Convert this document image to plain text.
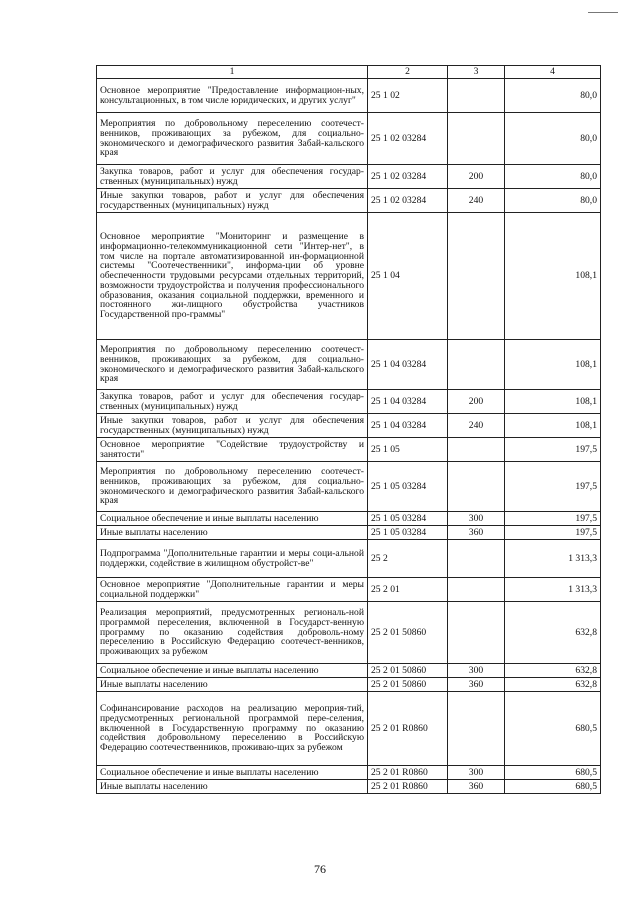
1	2	3	4
Основное мероприятие "Предоставление информацион-ных, консультационных, в том числе юридических, и других услуг"	25 1 02		80,0
Мероприятия по добровольному переселению соотечест-венников, проживающих за рубежом, для социально-экономического и демографического развития Забай-кальского края	25 1 02 03284		80,0
Закупка товаров, работ и услуг для обеспечения государ-ственных (муниципальных) нужд	25 1 02 03284	200	80,0
Иные закупки товаров, работ и услуг для обеспечения государственных (муниципальных) нужд	25 1 02 03284	240	80,0
Основное мероприятие "Мониторинг и размещение в информационно-телекоммуникационной сети "Интер-нет", в том числе на портале автоматизированной ин-формационной системы "Соотечественники", информа-ции об уровне обеспеченности трудовыми ресурсами отдельных территорий, возможности трудоустройства и получения профессионального образования, оказания социальной поддержки, временного и постоянного жи-лищного обустройства участников Государственной про-граммы"	25 1 04		108,1
Мероприятия по добровольному переселению соотечест-венников, проживающих за рубежом, для социально-экономического и демографического развития Забай-кальского края	25 1 04 03284		108,1
Закупка товаров, работ и услуг для обеспечения государ-ственных (муниципальных) нужд	25 1 04 03284	200	108,1
Иные закупки товаров, работ и услуг для обеспечения государственных (муниципальных) нужд	25 1 04 03284	240	108,1
Основное мероприятие "Содействие трудоустройству и занятости"	25 1 05		197,5
Мероприятия по добровольному переселению соотечест-венников, проживающих за рубежом, для социально-экономического и демографического развития Забай-кальского края	25 1 05 03284		197,5
Социальное обеспечение и иные выплаты населению	25 1 05 03284	300	197,5
Иные выплаты населению	25 1 05 03284	360	197,5
Подпрограмма "Дополнительные гарантии и меры соци-альной поддержки, содействие в жилищном обустройст-ве"	25 2		1 313,3
Основное мероприятие "Дополнительные гарантии и меры социальной поддержки"	25 2 01		1 313,3
Реализация мероприятий, предусмотренных региональ-ной программой переселения, включенной в Государст-венную программу по оказанию содействия доброволь-ному переселению в Российскую Федерацию соотечест-венников, проживающих за рубежом	25 2 01 50860		632,8
Социальное обеспечение и иные выплаты населению	25 2 01 50860	300	632,8
Иные выплаты населению	25 2 01 50860	360	632,8
Софинансирование расходов на реализацию мероприя-тий, предусмотренных региональной программой пере-селения, включенной в Государственную программу по оказанию содействия добровольному переселению в Российскую Федерацию соотечественников, проживаю-щих за рубежом	25 2 01 R0860		680,5
Социальное обеспечение и иные выплаты населению	25 2 01 R0860	300	680,5
Иные выплаты населению	25 2 01 R0860	360	680,5
76
